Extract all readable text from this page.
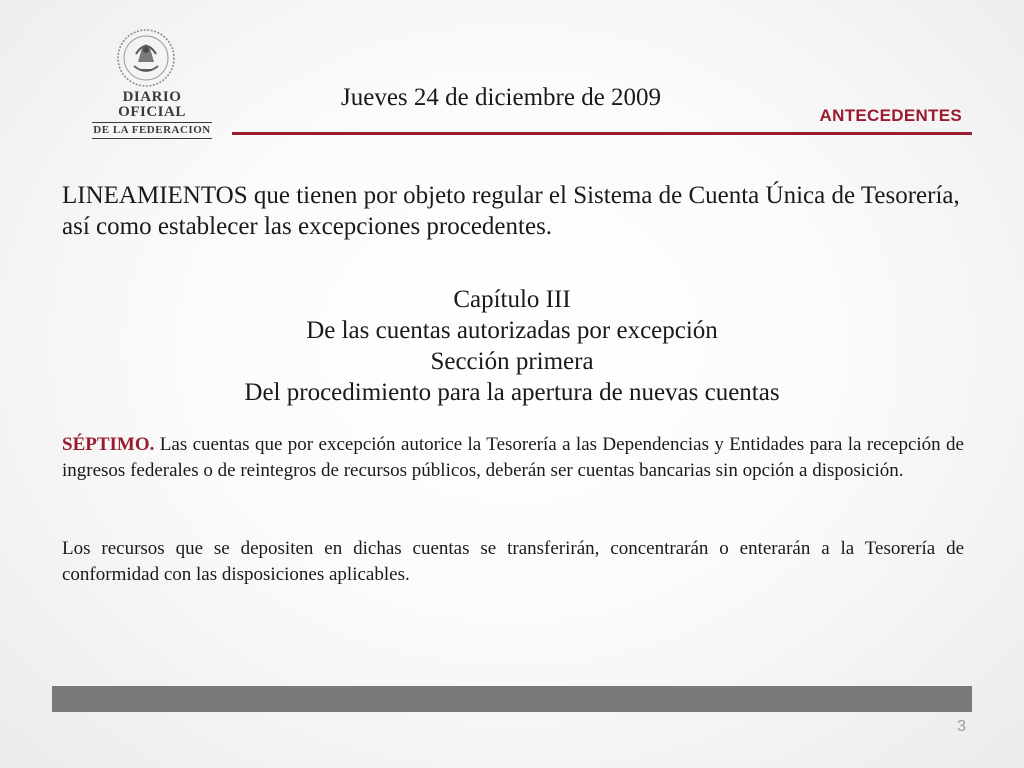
DIARIO OFICIAL
DE LA FEDERACION
Jueves 24 de diciembre de 2009
ANTECEDENTES

LINEAMIENTOS que tienen por objeto regular el Sistema de Cuenta Única de Tesorería, así como establecer las excepciones procedentes.

Capítulo III
De las cuentas autorizadas por excepción
Sección primera
Del procedimiento para la apertura de nuevas cuentas

SÉPTIMO. Las cuentas que por excepción autorice la Tesorería a las Dependencias y Entidades para la recepción de ingresos federales o de reintegros de recursos públicos, deberán ser cuentas bancarias sin opción a disposición.

Los recursos que se depositen en dichas cuentas se transferirán, concentrarán o enterarán a la Tesorería de conformidad con las disposiciones aplicables.

3
